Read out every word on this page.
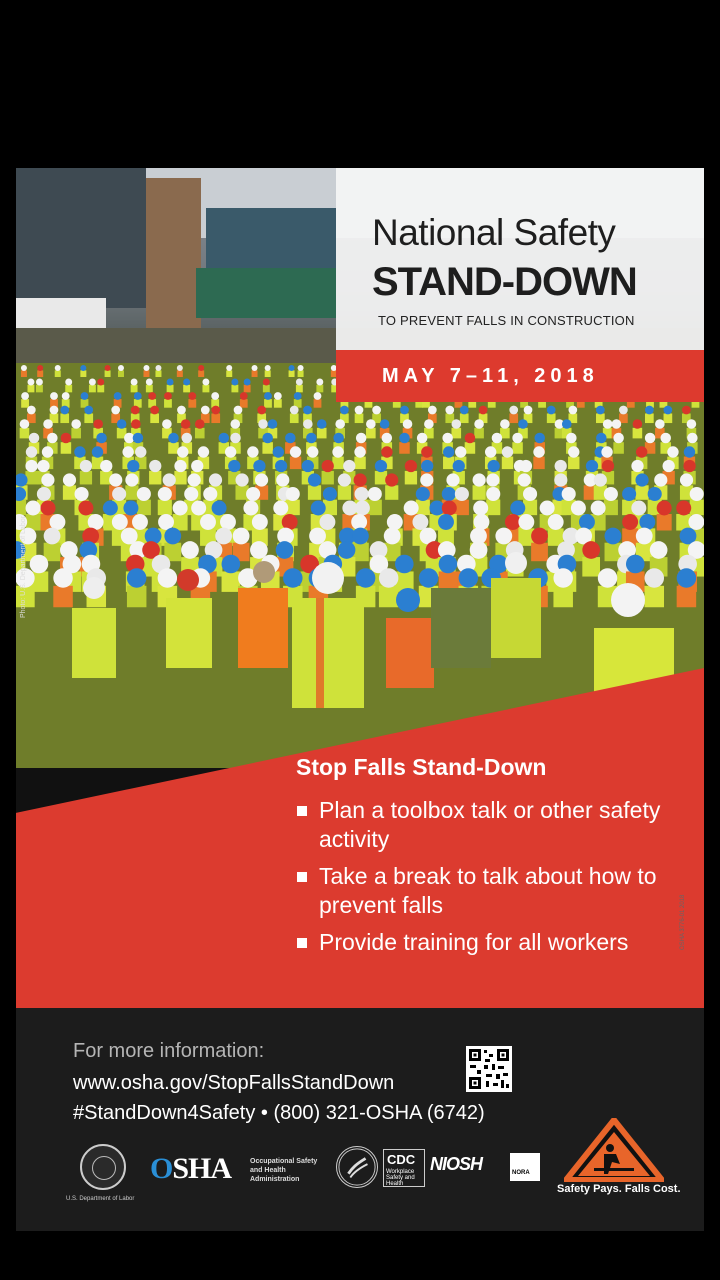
Photo: U.S. Department of Labor
National Safety
STAND-DOWN
TO PREVENT FALLS IN CONSTRUCTION
MAY 7–11, 2018
Stop Falls Stand-Down
Plan a toolbox talk or other safety activity
Take a break to talk about how to prevent falls
Provide training for all workers
For more information:
www.osha.gov/StopFallsStandDown
#StandDown4Safety • (800) 321-OSHA (6742)
U.S. Department of Labor
OSHA	Occupational Safety and Health Administration
CDC
Workplace Safety and Health
NIOSH	NORA
Safety Pays. Falls Cost.
OSHA 3776-01 2018
